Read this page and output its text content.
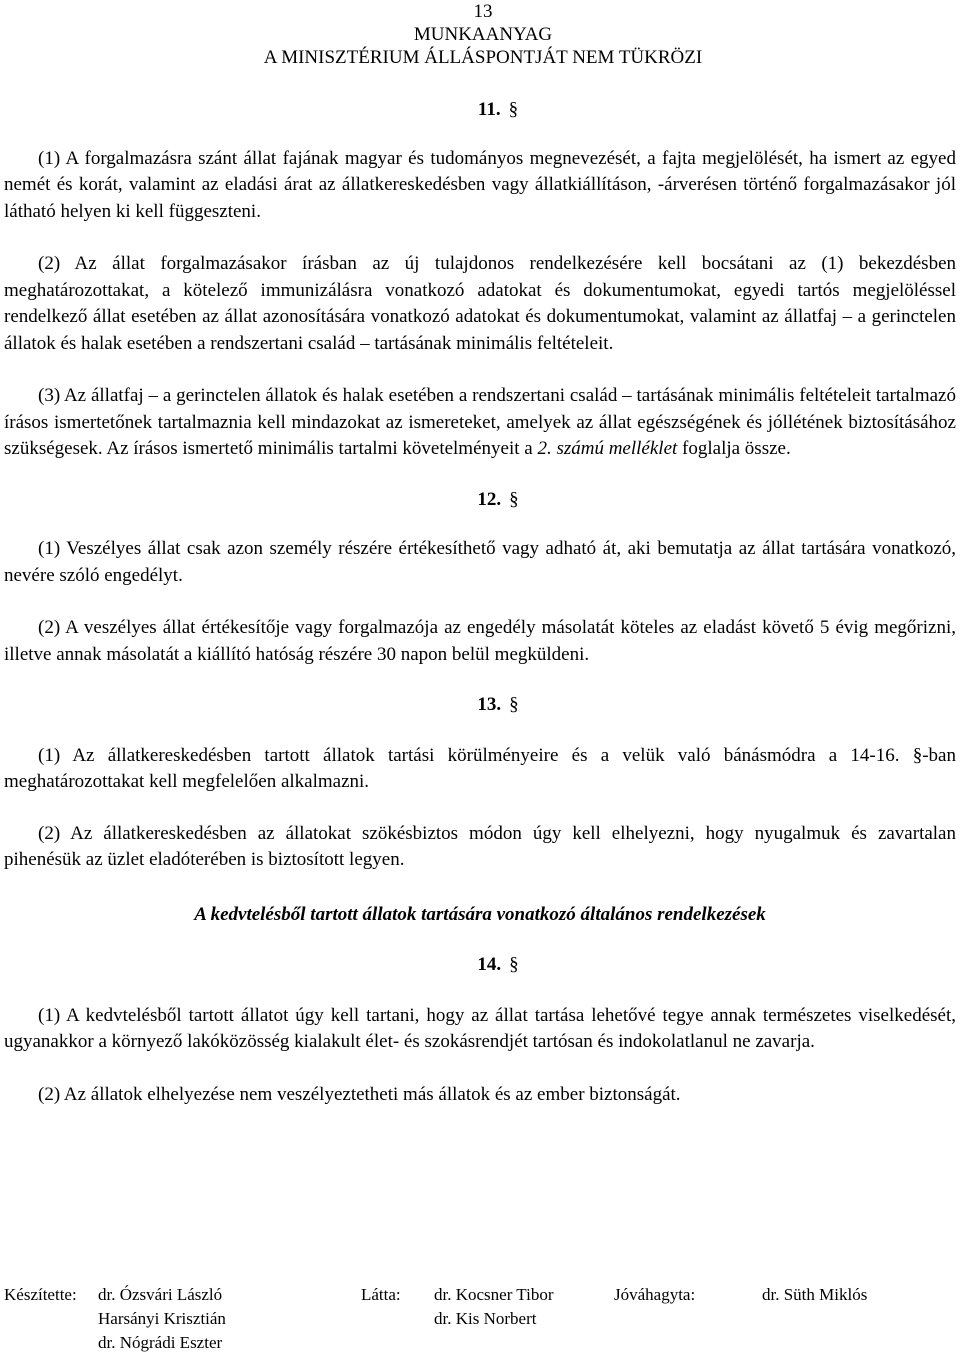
13
MUNKAANYAG
A MINISZTÉRIUM ÁLLÁSPONTJÁT NEM TÜKRÖZI
11. §

(1) A forgalmazásra szánt állat fajának magyar és tudományos megnevezését, a fajta megjelölését, ha ismert az egyed nemét és korát, valamint az eladási árat az állatkereskedésben vagy állatkiállításon, -árverésen történő forgalmazásakor jól látható helyen ki kell függeszteni.

(2) Az állat forgalmazásakor írásban az új tulajdonos rendelkezésére kell bocsátani az (1) bekezdésben meghatározottakat, a kötelező immunizálásra vonatkozó adatokat és dokumentumokat, egyedi tartós megjelöléssel rendelkező állat esetében az állat azonosítására vonatkozó adatokat és dokumentumokat, valamint az állatfaj – a gerinctelen állatok és halak esetében a rendszertani család – tartásának minimális feltételeit.

(3) Az állatfaj – a gerinctelen állatok és halak esetében a rendszertani család – tartásának minimális feltételeit tartalmazó írásos ismertetőnek tartalmaznia kell mindazokat az ismereteket, amelyek az állat egészségének és jóllétének biztosításához szükségesek. Az írásos ismertető minimális tartalmi követelményeit a 2. számú melléklet foglalja össze.

12. §

(1) Veszélyes állat csak azon személy részére értékesíthető vagy adható át, aki bemutatja az állat tartására vonatkozó, nevére szóló engedélyt.

(2) A veszélyes állat értékesítője vagy forgalmazója az engedély másolatát köteles az eladást követő 5 évig megőrizni, illetve annak másolatát a kiállító hatóság részére 30 napon belül megküldeni.

13. §

(1) Az állatkereskedésben tartott állatok tartási körülményeire és a velük való bánásmódra a 14-16. §-ban meghatározottakat kell megfelelően alkalmazni.

(2) Az állatkereskedésben az állatokat szökésbiztos módon úgy kell elhelyezni, hogy nyugalmuk és zavartalan pihenésük az üzlet eladóterében is biztosított legyen.

A kedvtelésből tartott állatok tartására vonatkozó általános rendelkezések
14. §

(1) A kedvtelésből tartott állatot úgy kell tartani, hogy az állat tartása lehetővé tegye annak természetes viselkedését, ugyanakkor a környező lakóközösség kialakult élet- és szokásrendjét tartósan és indokolatlanul ne zavarja.

(2) Az állatok elhelyezése nem veszélyeztetheti más állatok és az ember biztonságát.

Készítette: dr. Ózsvári László
Harsányi Krisztián
dr. Nógrádi Eszter
Látta: dr. Kocsner Tibor
dr. Kis Norbert
Jóváhagyta:	dr. Süth Miklós
